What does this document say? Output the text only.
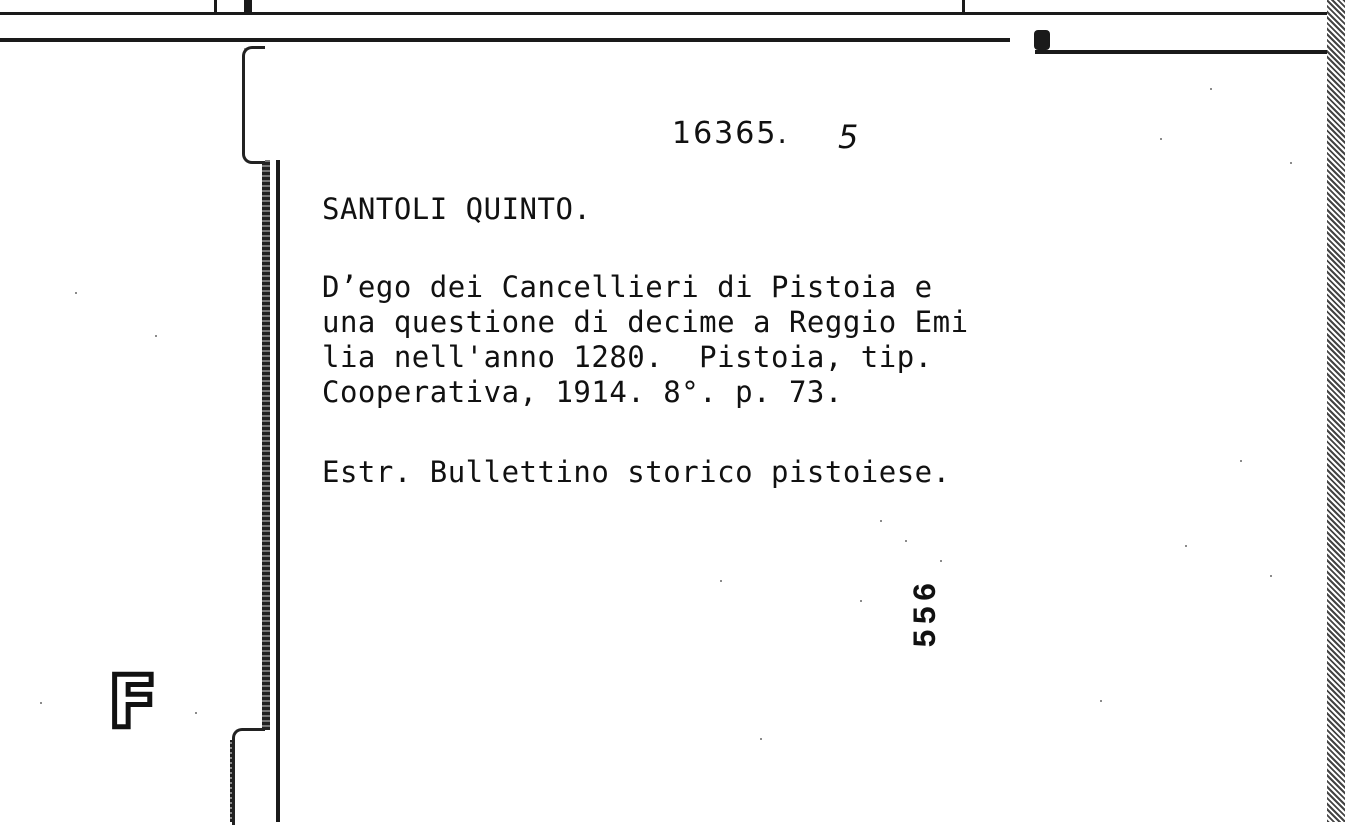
16365. 5

SANTOLI QUINTO.

D’ego dei Cancellieri di Pistoia e

una questione di decime a Reggio Emi

lia nell'anno 1280.  Pistoia, tip.

Cooperativa, 1914. 8°. p. 73.

Estr. Bullettino storico pistoiese.

556
F
